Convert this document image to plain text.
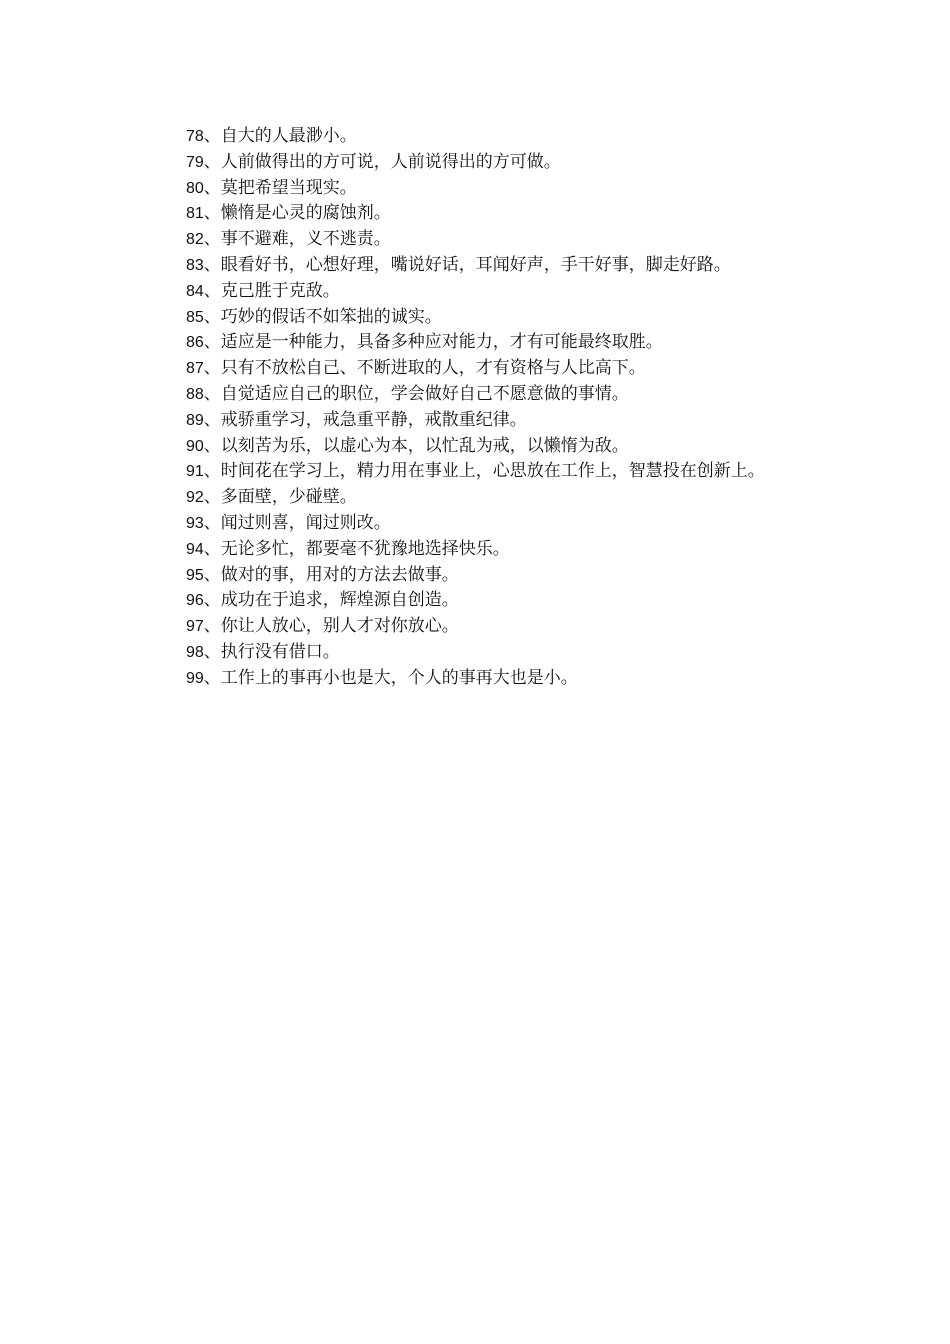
78、自大的人最渺小。

79、人前做得出的方可说，人前说得出的方可做。

80、莫把希望当现实。

81、懒惰是心灵的腐蚀剂。

82、事不避难，义不逃责。

83、眼看好书，心想好理，嘴说好话，耳闻好声，手干好事，脚走好路。

84、克己胜于克敌。

85、巧妙的假话不如笨拙的诚实。

86、适应是一种能力，具备多种应对能力，才有可能最终取胜。

87、只有不放松自己、不断进取的人，才有资格与人比高下。

88、自觉适应自己的职位，学会做好自己不愿意做的事情。

89、戒骄重学习，戒急重平静，戒散重纪律。

90、以刻苦为乐，以虚心为本，以忙乱为戒，以懒惰为敌。

91、时间花在学习上，精力用在事业上，心思放在工作上，智慧投在创新上。

92、多面壁，少碰壁。

93、闻过则喜，闻过则改。

94、无论多忙，都要毫不犹豫地选择快乐。

95、做对的事，用对的方法去做事。

96、成功在于追求，辉煌源自创造。

97、你让人放心，别人才对你放心。

98、执行没有借口。

99、工作上的事再小也是大，个人的事再大也是小。
